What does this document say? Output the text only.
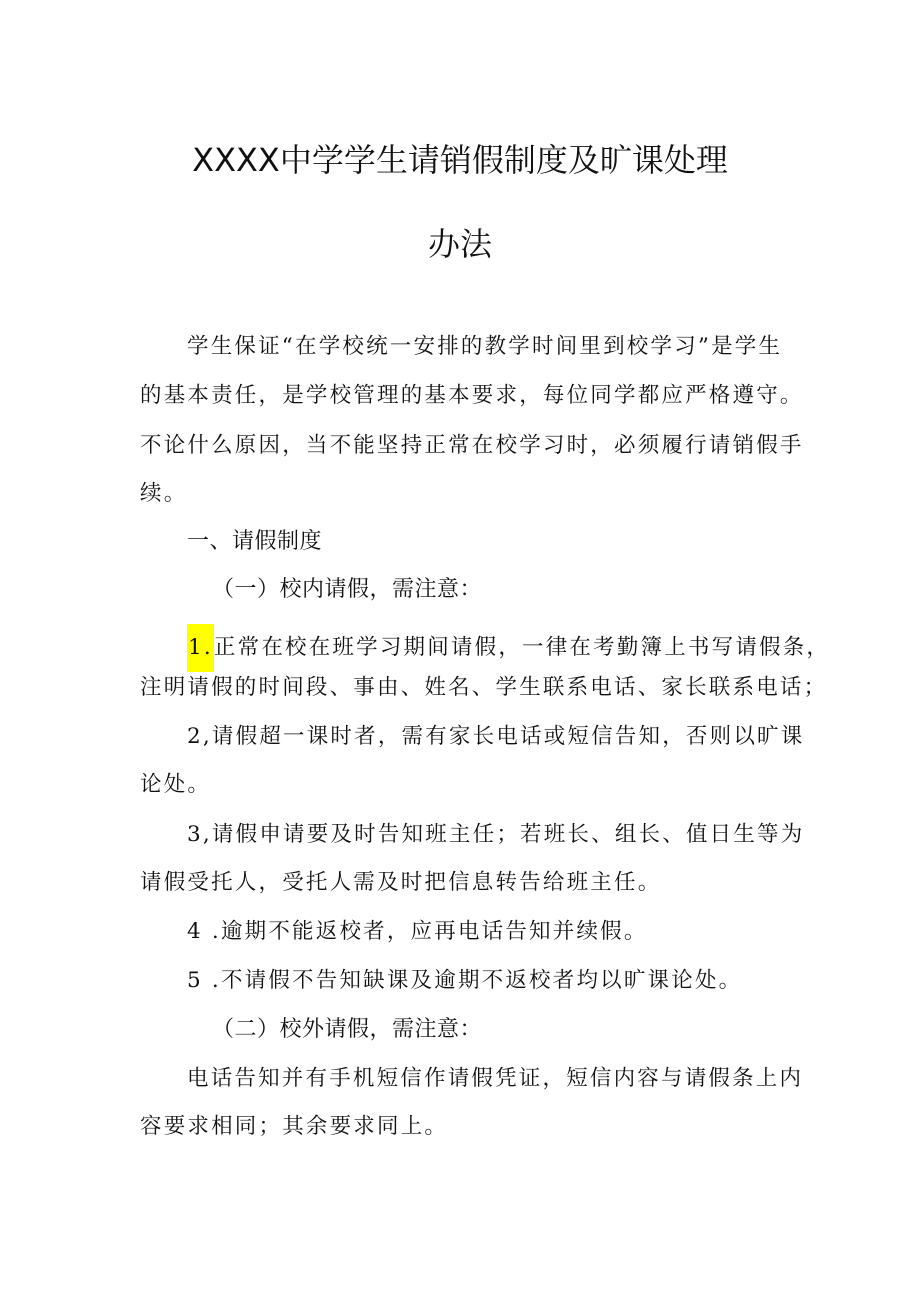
XXXX中学学生请销假制度及旷课处理
办法
学生保证“在学校统一安排的教学时间里到校学习”是学生
的基本责任，是学校管理的基本要求，每位同学都应严格遵守。
不论什么原因，当不能坚持正常在校学习时，必须履行请销假手
续。
一、请假制度
（一）校内请假，需注意：
1.正常在校在班学习期间请假，一律在考勤簿上书写请假条，
注明请假的时间段、事由、姓名、学生联系电话、家长联系电话；
2,请假超一课时者，需有家长电话或短信告知，否则以旷课
论处。
3,请假申请要及时告知班主任；若班长、组长、值日生等为
请假受托人，受托人需及时把信息转告给班主任。
4 .逾期不能返校者，应再电话告知并续假。
5 .不请假不告知缺课及逾期不返校者均以旷课论处。
（二）校外请假，需注意：
电话告知并有手机短信作请假凭证，短信内容与请假条上内
容要求相同；其余要求同上。
